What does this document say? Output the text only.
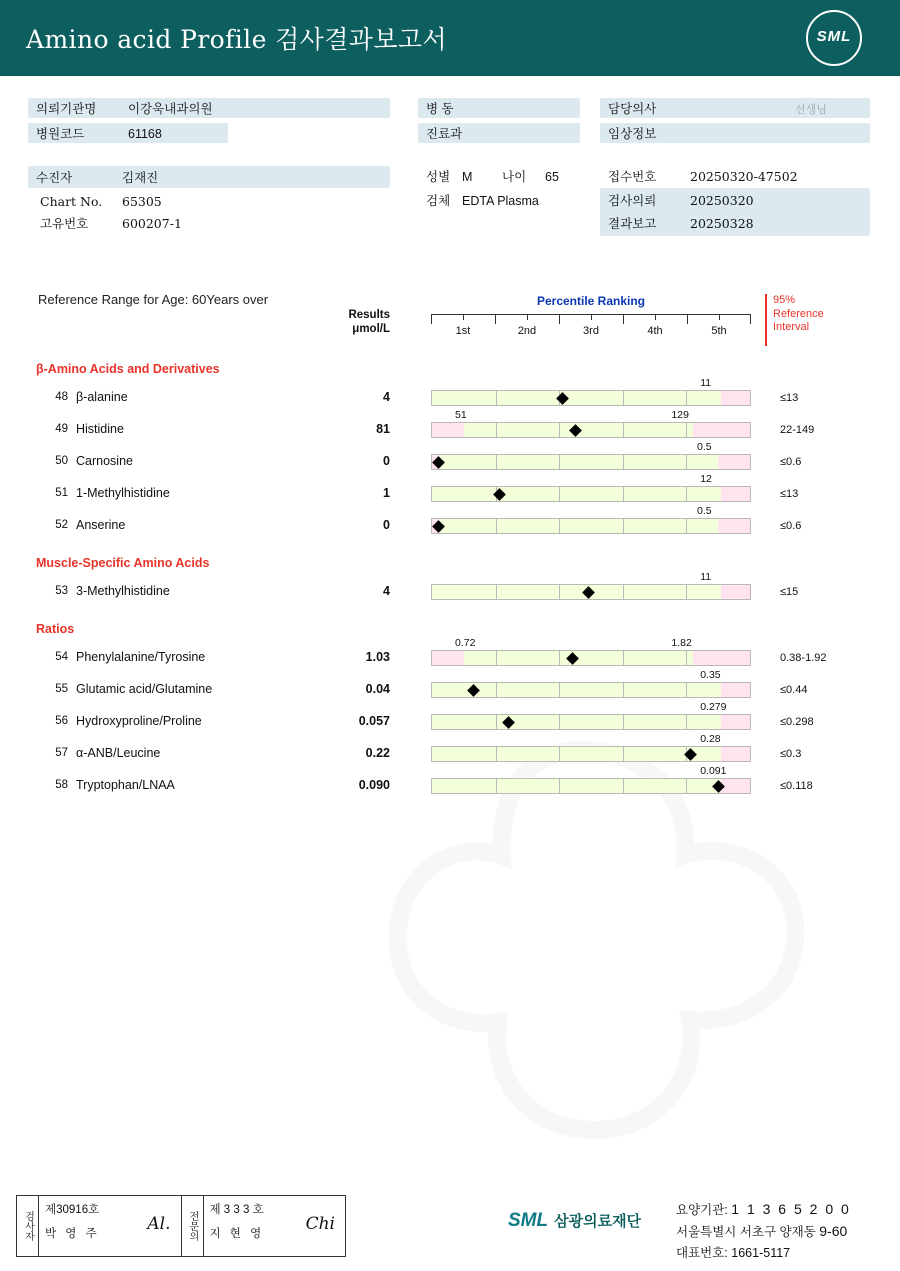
Amino acid Profile 검사결과보고서	SML
의뢰기관명	이강욱내과의원
병원코드	61168
수진자	김재진
Chart No. 65305
고유번호	600207-1
병 동
진료과
성별 M 나이 65
검체 EDTA Plasma
담당의사	선생님
임상정보
접수번호	20250320-47502
검사의뢰	20250320
결과보고	20250328
Reference Range for Age: 60Years over
Results
μmol/L
Percentile Ranking
1st	2nd	3rd	4th	5th
95%
Reference
Interval
β-Amino Acids and Derivatives
48 β-alanine	4
11
≤13
49 Histidine	81
129
51
22-149
50 Carnosine	0
0.5
≤0.6
51 1-Methylhistidine	1
12
≤13
52 Anserine	0
0.5
≤0.6
Muscle-Specific Amino Acids
53 3-Methylhistidine	4
11
≤15
Ratios
54 Phenylalanine/Tyrosine	1.03
1.82
0.72
0.38-1.92
55 Glutamic acid/Glutamine	0.04
0.35
≤0.44
56 Hydroxyproline/Proline	0.057
0.279
≤0.298
57 α-ANB/Leucine	0.22
0.28
≤0.3
58 Tryptophan/LNAA	0.090
0.091
≤0.118
검사자
제30916호
박 영 주	Al. 전문의
제 3 3 3 호
지 현 영 Chi	SML 삼광의료재단
요양기관: 1 1 3 6 5 2 0 0
서울특별시 서초구 양재동 9-60
대표번호: 1661-5117
